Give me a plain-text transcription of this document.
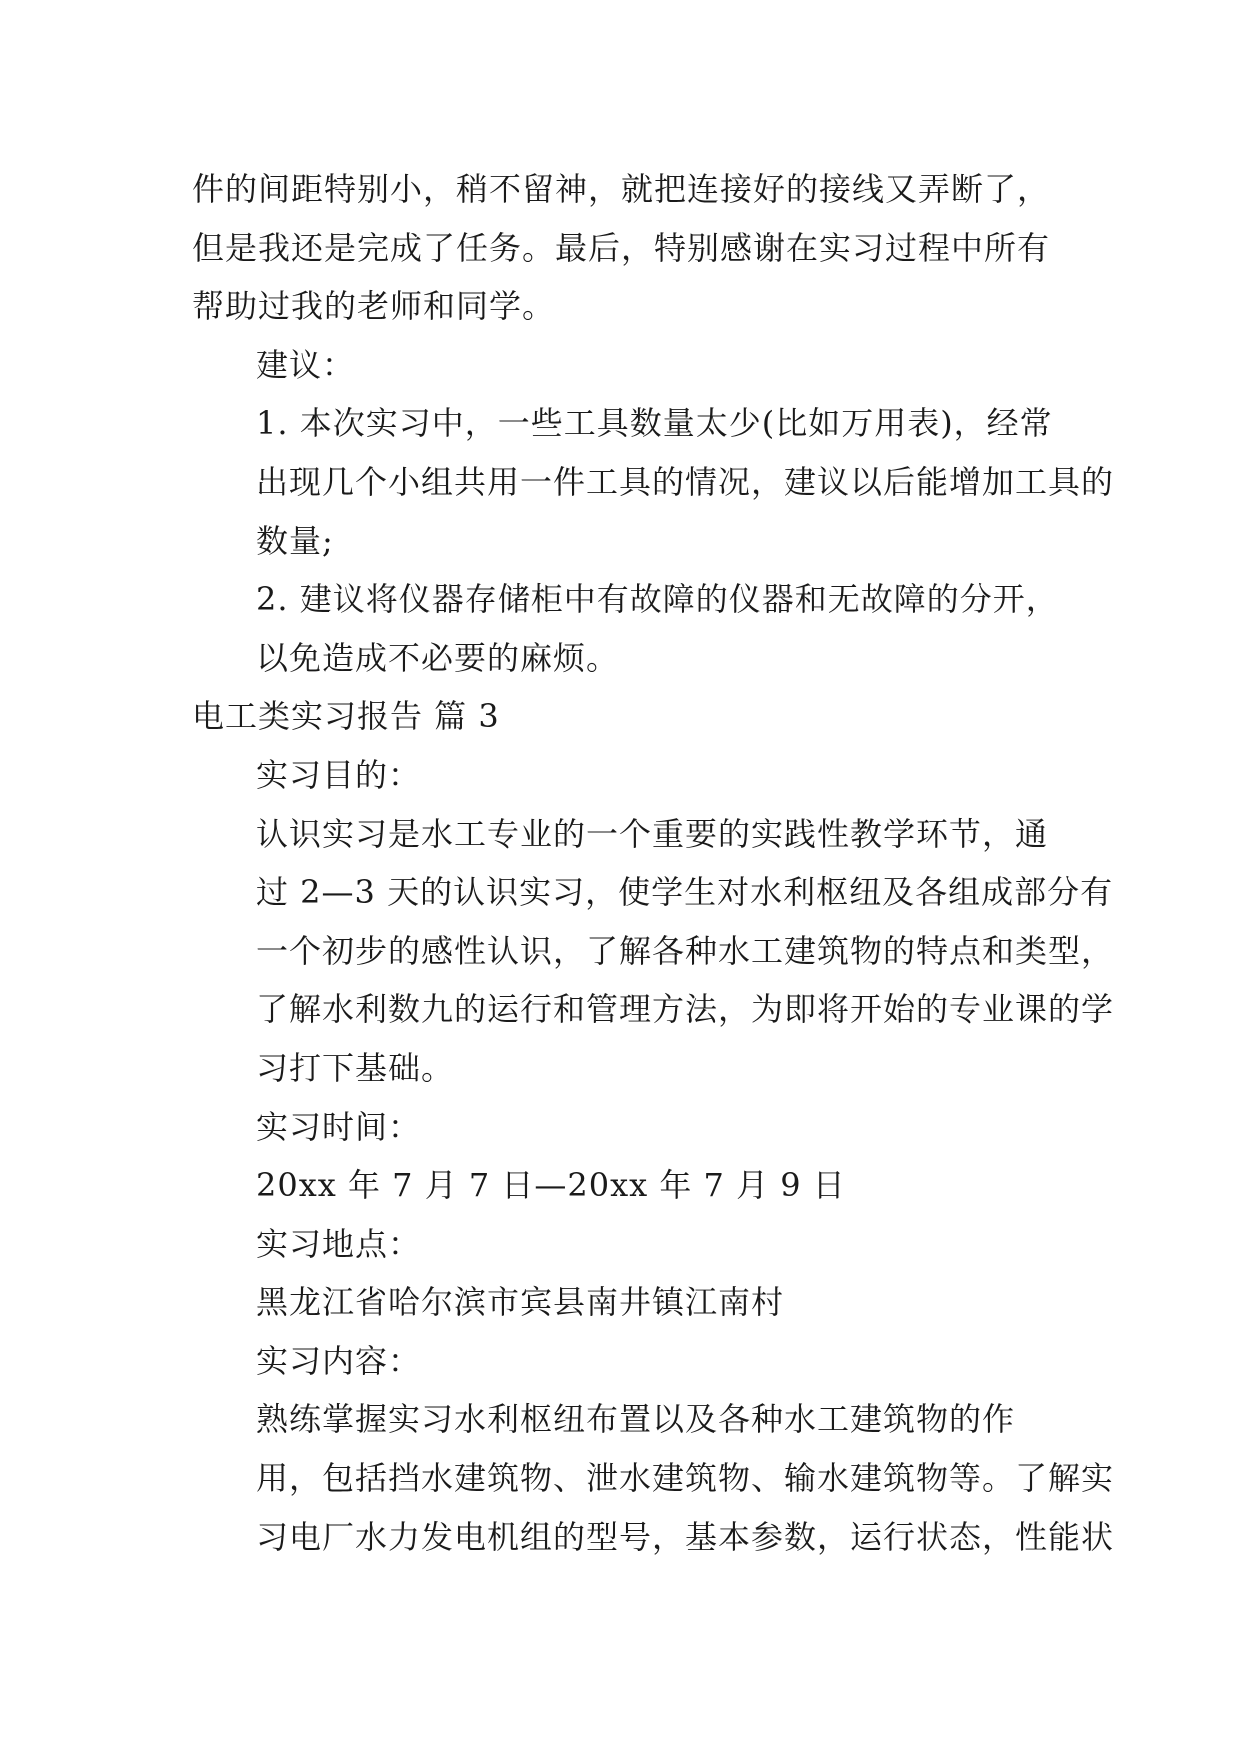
件的间距特别小，稍不留神，就把连接好的接线又弄断了，
但是我还是完成了任务。最后，特别感谢在实习过程中所有
帮助过我的老师和同学。
建议：
1. 本次实习中，一些工具数量太少(比如万用表)，经常
出现几个小组共用一件工具的情况，建议以后能增加工具的
数量;
2. 建议将仪器存储柜中有故障的仪器和无故障的分开，
以免造成不必要的麻烦。
电工类实习报告 篇 3
实习目的：
认识实习是水工专业的一个重要的实践性教学环节，通
过 2—3 天的认识实习，使学生对水利枢纽及各组成部分有
一个初步的感性认识，了解各种水工建筑物的特点和类型，
了解水利数九的运行和管理方法，为即将开始的专业课的学
习打下基础。
实习时间：
20xx 年 7 月 7 日—20xx 年 7 月 9 日
实习地点：
黑龙江省哈尔滨市宾县南井镇江南村
实习内容：
熟练掌握实习水利枢纽布置以及各种水工建筑物的作
用，包括挡水建筑物、泄水建筑物、输水建筑物等。了解实
习电厂水力发电机组的型号，基本参数，运行状态，性能状
